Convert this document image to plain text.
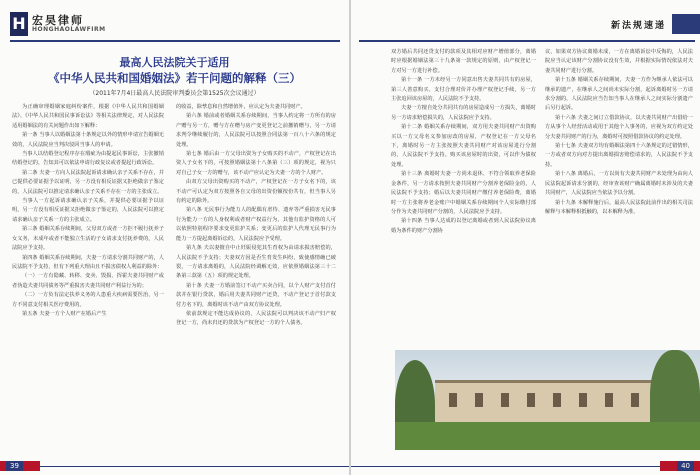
H 宏昊律师
HONGHAOLAWFIRM
最高人民法院关于适用
《中华人民共和国婚姻法》若干问题的解释（三）
（2011年7月4日最高人民法院审判委员会第1525次会议通过）

为正确审理婚姻家庭纠纷案件，根据《中华人民共和国婚姻法》、《中华人民共和国民事诉讼法》等相关法律规定，对人民法院适用婚姻法的有关问题作出如下解释：

第一条 当事人以婚姻法第十条规定以外的情形申请宣告婚姻无效的，人民法院应当判决驳回当事人的申请。

当事人以结婚登记程序存在瑕疵为由提起民事诉讼，主张撤销结婚登记的，告知其可以依法申请行政复议或者提起行政诉讼。

第二条 夫妻一方向人民法院起诉请求确认亲子关系不存在，并已提供必要证据予以证明，另一方没有相反证据又拒绝做亲子鉴定的，人民法院可以推定请求确认亲子关系不存在一方的主张成立。

当事人一方起诉请求确认亲子关系，并提供必要证据予以证明，另一方没有相反证据又拒绝做亲子鉴定的，人民法院可以推定请求确认亲子关系一方的主张成立。

第三条 婚姻关系存续期间，父母双方或者一方拒不履行抚养子女义务，未成年或者不能独立生活的子女请求支付抚养费的，人民法院应予支持。

第四条 婚姻关系存续期间，夫妻一方请求分割共同财产的，人民法院不予支持，但有下列重大理由且不损害债权人利益的除外：

（一）一方有隐藏、转移、变卖、毁损、挥霍夫妻共同财产或者伪造夫妻共同债务等严重损害夫妻共同财产利益行为的；

（二）一方负有法定扶养义务的人患重大疾病需要医治，另一方不同意支付相关医疗费用的。

第五条 夫妻一方个人财产在婚后产生

的收益，除孳息和自然增值外，应认定为夫妻共同财产。

第六条 婚前或者婚姻关系存续期间，当事人约定将一方所有的房产赠与另一方，赠与方在赠与房产变更登记之前撤销赠与，另一方请求判令继续履行的，人民法院可以按照合同法第一百八十六条的规定处理。

第七条 婚后由一方父母出资为子女购买的不动产，产权登记在出资人子女名下的，可按照婚姻法第十八条第（三）项的规定，视为只对自己子女一方的赠与，该不动产应认定为夫妻一方的个人财产。

由双方父母出资购买的不动产，产权登记在一方子女名下的，该不动产可认定为双方按照各自父母的出资份额按份共有，但当事人另有约定的除外。

第八条 无民事行为能力人的配偶有虐待、遗弃等严重损害无民事行为能力一方的人身权利或者财产权益行为，其他有监护资格的人可以依照特别程序要求变更监护关系；变更后的监护人代理无民事行为能力一方提起离婚诉讼的，人民法院应予受理。

第九条 夫以妻擅自中止妊娠侵犯其生育权为由请求损害赔偿的，人民法院不予支持；夫妻双方因是否生育发生纠纷，致使感情确已破裂，一方请求离婚的，人民法院经调解无效，应依照婚姻法第三十二条第三款第（五）项的规定处理。

第十条 夫妻一方婚前签订不动产买卖合同，以个人财产支付首付款并在银行贷款，婚后用夫妻共同财产还贷，不动产登记于首付款支付方名下的，离婚时该不动产由双方协议处理。

依前款规定不能达成协议的，人民法院可以判决该不动产归产权登记一方，尚未归还的贷款为产权登记一方的个人债务。

39
新法规速递

双方婚后共同还贷支付的款项及其相对应财产增值部分，离婚时应根据婚姻法第三十九条第一款规定的原则，由产权登记一方对另一方进行补偿。

第十一条 一方未经另一方同意出售夫妻共同共有的房屋，第三人善意购买、支付合理对价并办理产权登记手续，另一方主张追回该房屋的，人民法院不予支持。

夫妻一方擅自处分共同共有的房屋造成另一方损失，离婚时另一方请求赔偿损失的，人民法院应予支持。

第十二条 婚姻关系存续期间，双方用夫妻共同财产出资购买以一方父母名义参加房改的房屋，产权登记在一方父母名下，离婚时另一方主张按照夫妻共同财产对该房屋进行分割的，人民法院不予支持。购买该房屋时的出资，可以作为债权处理。

第十三条 离婚时夫妻一方尚未退休、不符合领取养老保险金条件，另一方请求按照夫妻共同财产分割养老保险金的，人民法院不予支持；婚后以夫妻共同财产缴付养老保险费，离婚时一方主张将养老金账户中婚姻关系存续期间个人实际缴付部分作为夫妻共同财产分割的，人民法院应予支持。

第十四条 当事人达成的以登记离婚或者到人民法院协议离婚为条件的财产分割协

议，如果双方协议离婚未成，一方在离婚诉讼中反悔的，人民法院应当认定该财产分割协议没有生效，并根据实际情况依法对夫妻共同财产进行分割。

第十五条 婚姻关系存续期间，夫妻一方作为继承人依法可以继承的遗产，在继承人之间尚未实际分割，起诉离婚时另一方请求分割的，人民法院应当告知当事人在继承人之间实际分割遗产后另行起诉。

第十六条 夫妻之间订立借款协议，以夫妻共同财产出借给一方从事个人经营活动或用于其他个人事务的，应视为双方约定处分夫妻共同财产的行为，离婚时可按照借款协议的约定处理。

第十七条 夫妻双方均有婚姻法第四十六条规定的过错情形，一方或者双方向对方提出离婚损害赔偿请求的，人民法院不予支持。

第十八条 离婚后，一方以尚有夫妻共同财产未处理为由向人民法院起诉请求分割的，经审查该财产确属离婚时未涉及的夫妻共同财产，人民法院应当依法予以分割。

第十九条 本解释施行后，最高人民法院此前作出的相关司法解释与本解释相抵触的，以本解释为准。

40
